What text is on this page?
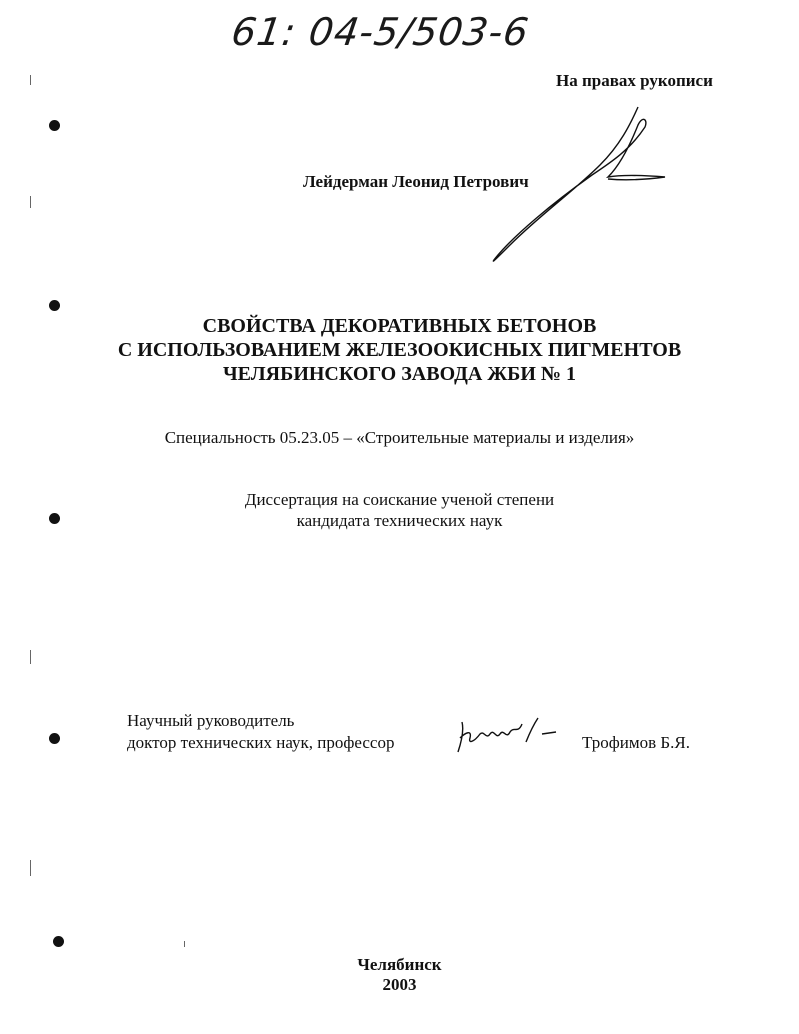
61: 04-5/503-6
На правах рукописи
Лейдерман Леонид Петрович
СВОЙСТВА ДЕКОРАТИВНЫХ БЕТОНОВ
С ИСПОЛЬЗОВАНИЕМ ЖЕЛЕЗООКИСНЫХ ПИГМЕНТОВ
ЧЕЛЯБИНСКОГО ЗАВОДА ЖБИ № 1
Специальность 05.23.05 – «Строительные материалы и изделия»
Диссертация на соискание ученой степени
кандидата технических наук
Научный руководитель
доктор технических наук, профессор	Трофимов Б.Я.
Челябинск
2003
